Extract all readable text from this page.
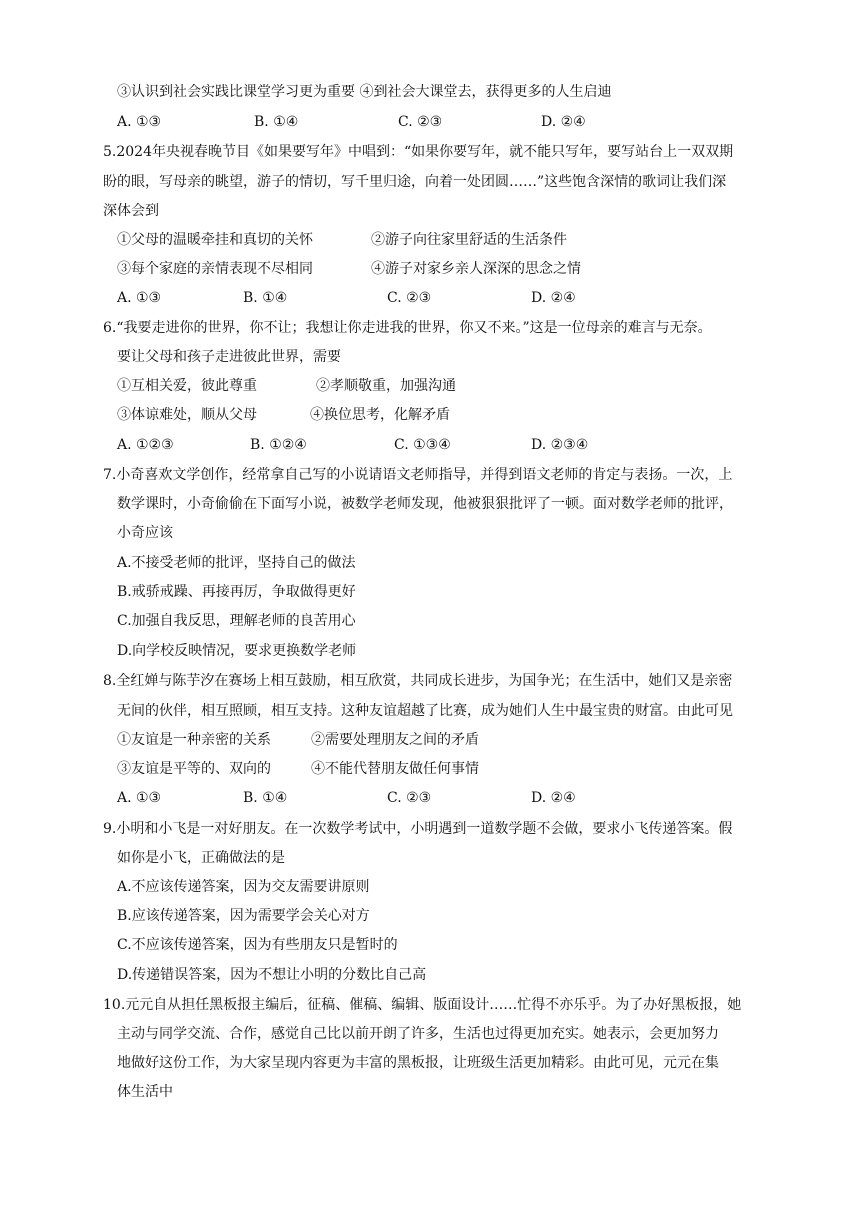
③认识到社会实践比课堂学习更为重要 ④到社会大课堂去，获得更多的人生启迪
A. ①③	B. ①④	C. ②③	D. ②④
5.2024年央视春晚节目《如果要写年》中唱到：“如果你要写年，就不能只写年，要写站台上一双双期
盼的眼，写母亲的眺望，游子的情切，写千里归途，向着一处团圆……”这些饱含深情的歌词让我们深
深体会到
①父母的温暖牵挂和真切的关怀	②游子向往家里舒适的生活条件
③每个家庭的亲情表现不尽相同	④游子对家乡亲人深深的思念之情
A. ①③	B. ①④	C. ②③	D. ②④
6.“我要走进你的世界，你不让；我想让你走进我的世界，你又不来。”这是一位母亲的难言与无奈。
要让父母和孩子走进彼此世界，需要
①互相关爱，彼此尊重	②孝顺敬重，加强沟通
③体谅难处，顺从父母	④换位思考，化解矛盾
A. ①②③	B. ①②④	C. ①③④	D. ②③④
7.小奇喜欢文学创作，经常拿自己写的小说请语文老师指导，并得到语文老师的肯定与表扬。一次，上
数学课时，小奇偷偷在下面写小说，被数学老师发现，他被狠狠批评了一顿。面对数学老师的批评，
小奇应该
A.不接受老师的批评，坚持自己的做法
B.戒骄戒躁、再接再厉，争取做得更好
C.加强自我反思，理解老师的良苦用心
D.向学校反映情况，要求更换数学老师
8.全红婵与陈芋汐在赛场上相互鼓励，相互欣赏，共同成长进步，为国争光；在生活中，她们又是亲密
无间的伙伴，相互照顾，相互支持。这种友谊超越了比赛，成为她们人生中最宝贵的财富。由此可见
①友谊是一种亲密的关系	②需要处理朋友之间的矛盾
③友谊是平等的、双向的	④不能代替朋友做任何事情
A. ①③	B. ①④	C. ②③	D. ②④
9.小明和小飞是一对好朋友。在一次数学考试中，小明遇到一道数学题不会做，要求小飞传递答案。假
如你是小飞，正确做法的是
A.不应该传递答案，因为交友需要讲原则
B.应该传递答案，因为需要学会关心对方
C.不应该传递答案，因为有些朋友只是暂时的
D.传递错误答案，因为不想让小明的分数比自己高
10.元元自从担任黑板报主编后，征稿、催稿、编辑、版面设计……忙得不亦乐乎。为了办好黑板报，她
主动与同学交流、合作，感觉自己比以前开朗了许多，生活也过得更加充实。她表示，会更加努力
地做好这份工作，为大家呈现内容更为丰富的黑板报，让班级生活更加精彩。由此可见，元元在集
体生活中
